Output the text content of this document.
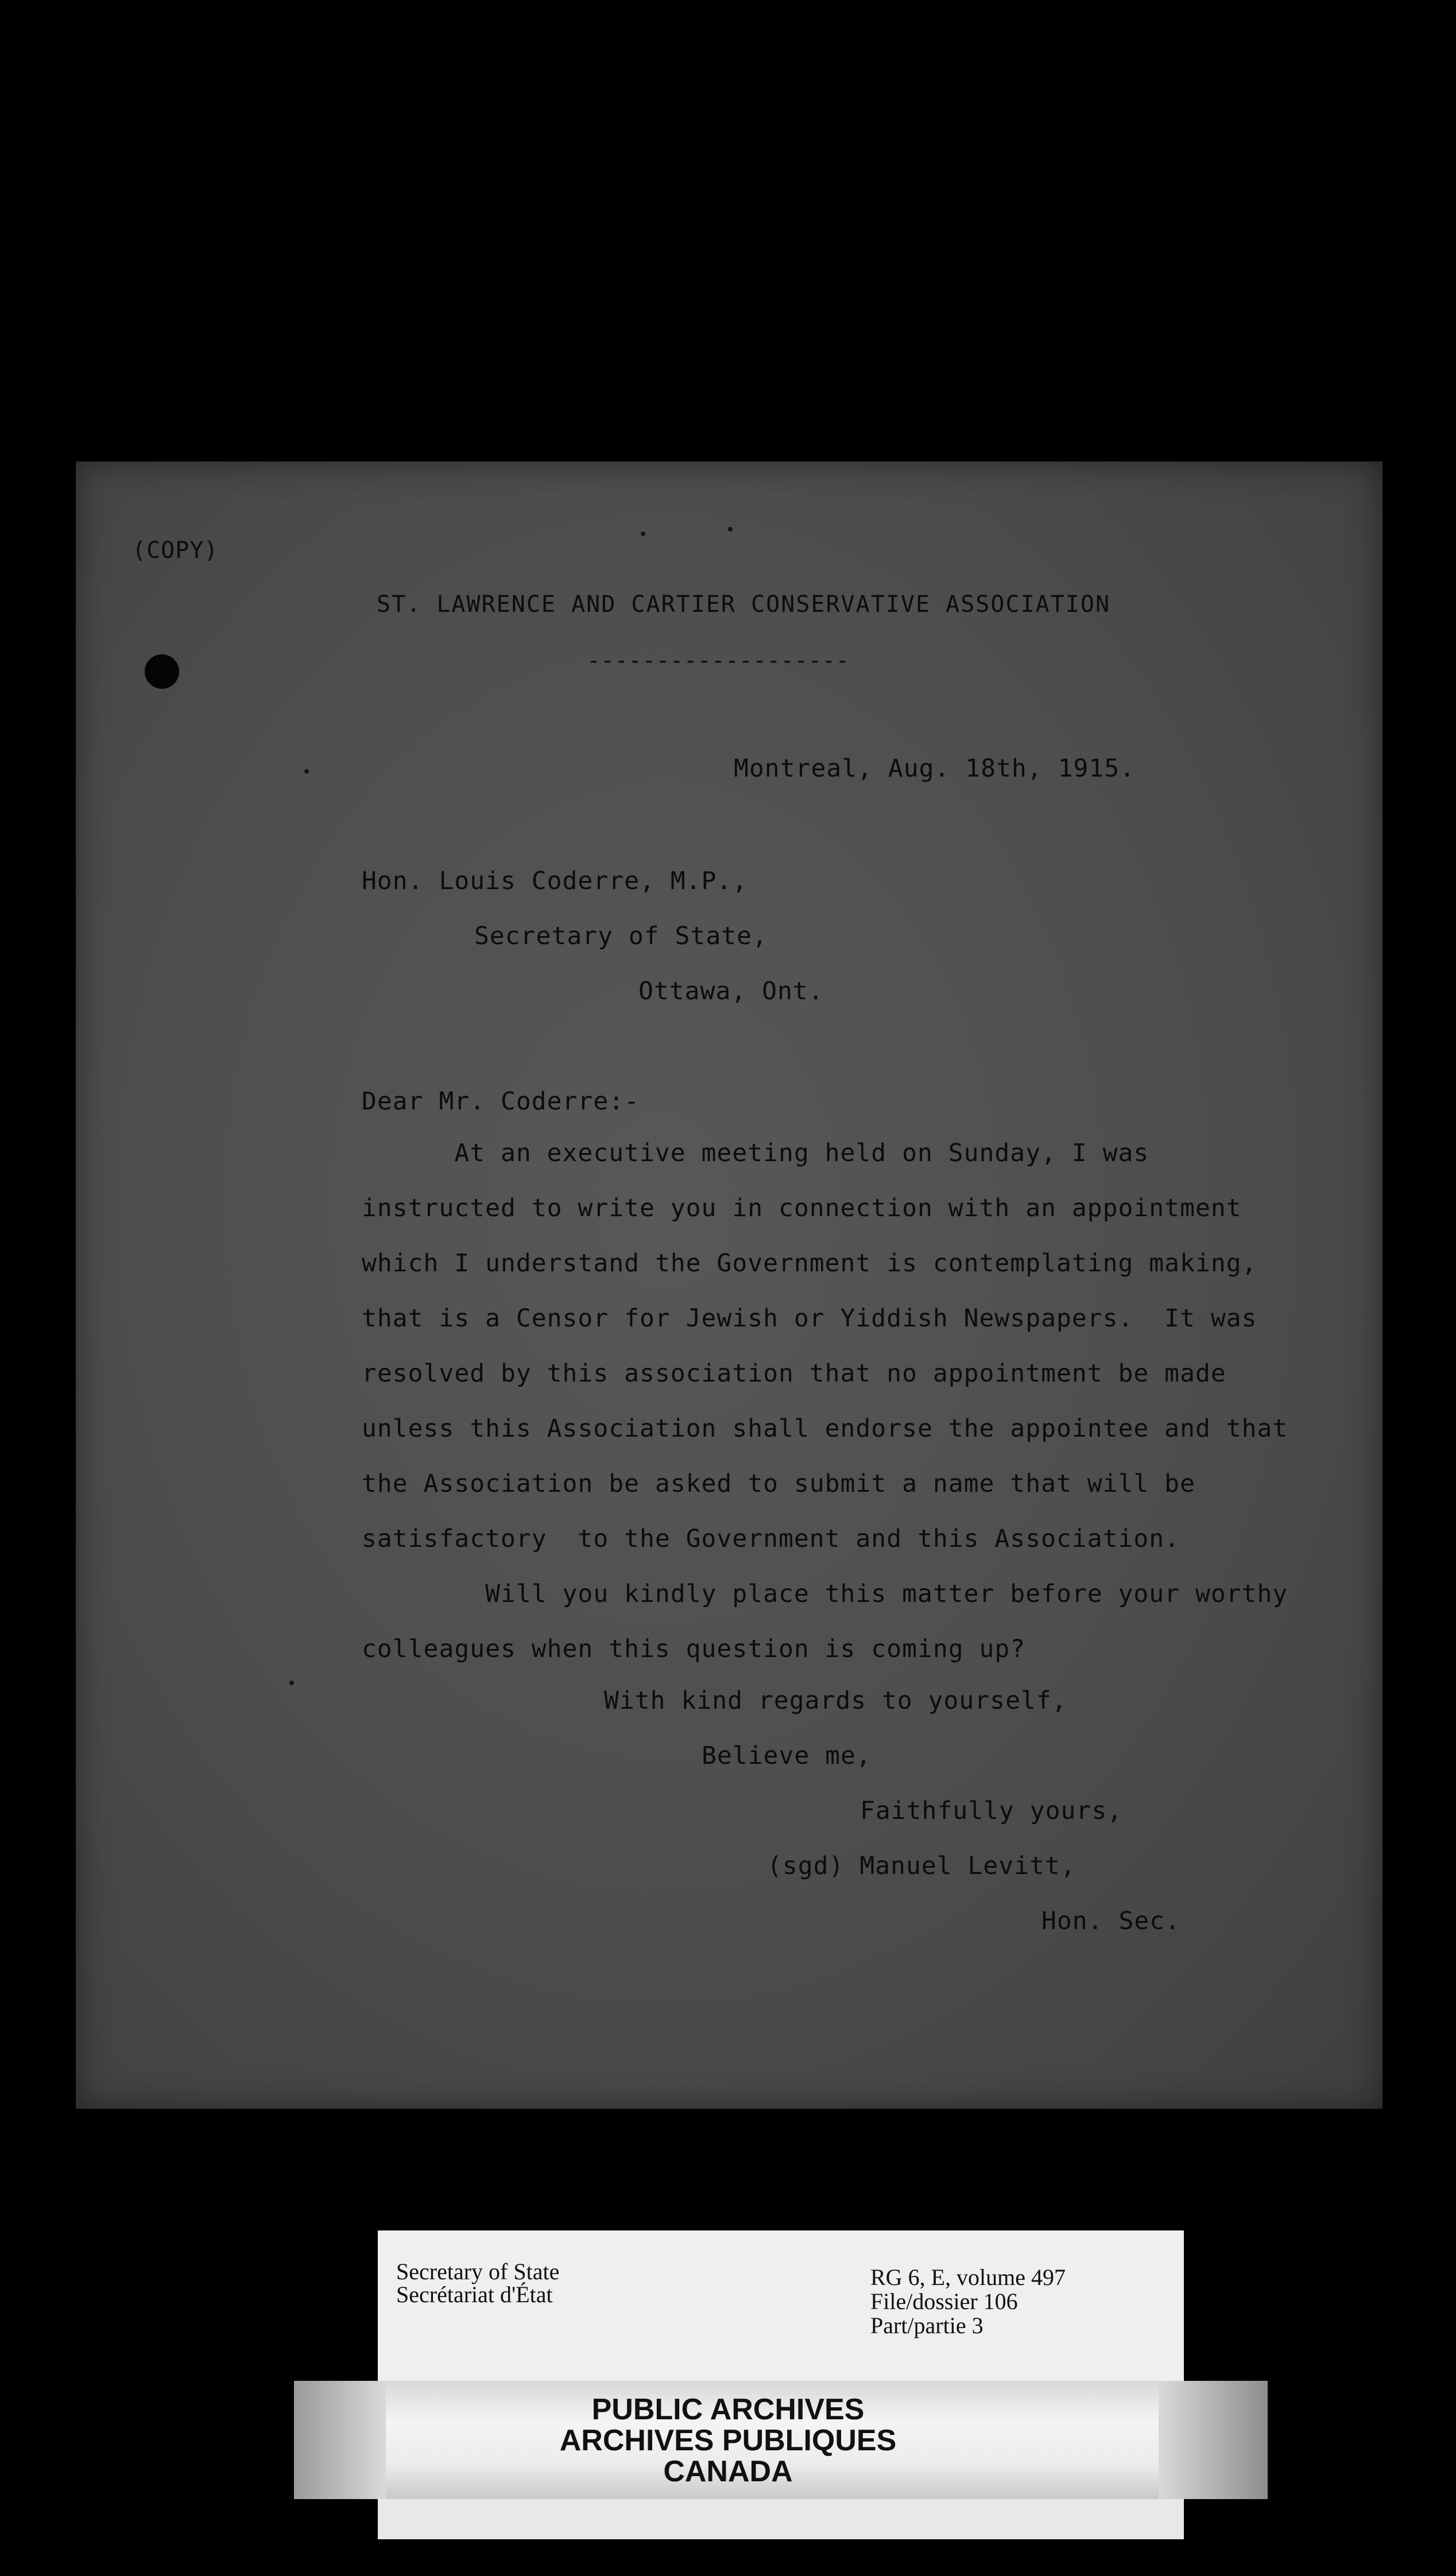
(COPY)
ST. LAWRENCE AND CARTIER CONSERVATIVE ASSOCIATION
-------------------
Montreal, Aug. 18th, 1915.
Hon. Louis Coderre, M.P.,
Secretary of State,
Ottawa, Ont.
Dear Mr. Coderre:-
At an executive meeting held on Sunday, I was
instructed to write you in connection with an appointment
which I understand the Government is contemplating making,
that is a Censor for Jewish or Yiddish Newspapers.  It was
resolved by this association that no appointment be made
unless this Association shall endorse the appointee and that
the Association be asked to submit a name that will be
satisfactory  to the Government and this Association.
Will you kindly place this matter before your worthy
colleagues when this question is coming up?
With kind regards to yourself,
Believe me,
Faithfully yours,
(sgd) Manuel Levitt,
Hon. Sec.
Secretary of State
Secrétariat d'État
RG 6, E, volume 497
File/dossier 106
Part/partie 3
PUBLIC ARCHIVES
ARCHIVES PUBLIQUES
CANADA
